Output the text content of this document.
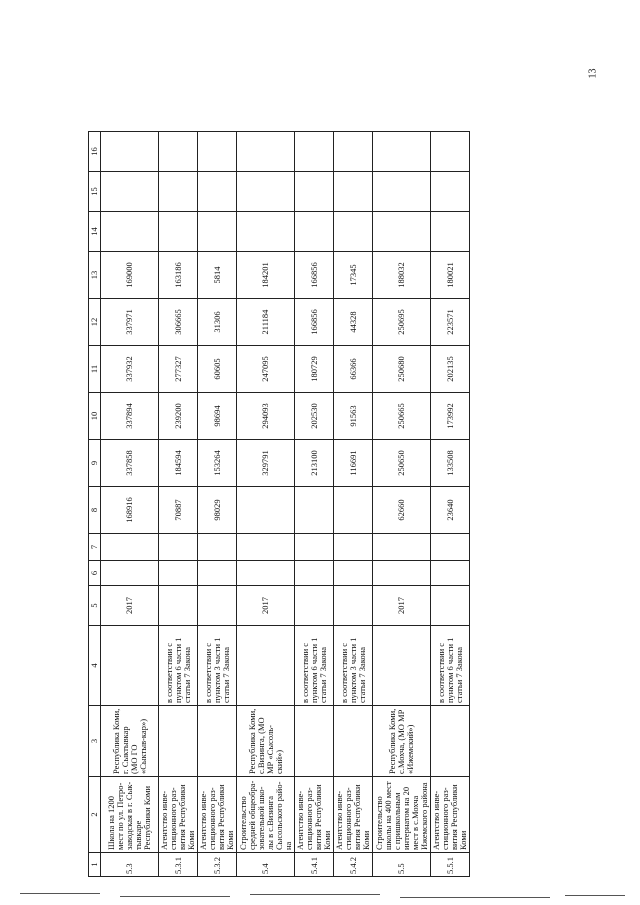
13
1	2	3	4	5	6	7	8	9	10	11	12	13	14	15	16
5.3	Школа на 1200 мест по ул. Петро-заводская в г. Сык-тывкаре Республики Коми	Республика Коми, г. Сыктывкар (МО ГО «Сыктыв-кар»)		2017			168916	337858	337894	337932	337971	169000			
5.3.1	Агентство инве-стиционного раз-вития Республики Коми		в соответствии с пунктом 6 части 1 статьи 7 Закона				70887	184594	239200	277327	306665	163186			
5.3.2	Агентство инве-стиционного раз-вития Республики Коми		в соответствии с пунктом 3 части 1 статьи 7 Закона				98029	153264	98694	60605	31306	5814			
5.4	Строительство средней общеобра-зовательной шко-лы в с.Визинга Сысольского райо-на	Республика Коми, с.Визинга, (МО МР «Сысоль-ский»)		2017				329791	294093	247095	211184	184201			
5.4.1	Агентство инве-стиционного раз-вития Республики Коми		в соответствии с пунктом 6 части 1 статьи 7 Закона					213100	202530	180729	166856	166856			
5.4.2	Агентство инве-стиционного раз-вития Республики Коми		в соответствии с пунктом 3 части 1 статьи 7 Закона					116691	91563	66366	44328	17345			
5.5	Строительство школы на 400 мест с пришкольным интернатом на 20 мест в с.Мохча Ижемского района	Республика Коми, с.Мохча, (МО МР «Ижемский»)		2017			62660	250650	250665	250680	250695	188032			
5.5.1	Агентство инве-стиционного раз-вития Республики Коми		в соответствии с пунктом 6 части 1 статьи 7 Закона				23640	133508	173992	202135	223571	180021			
